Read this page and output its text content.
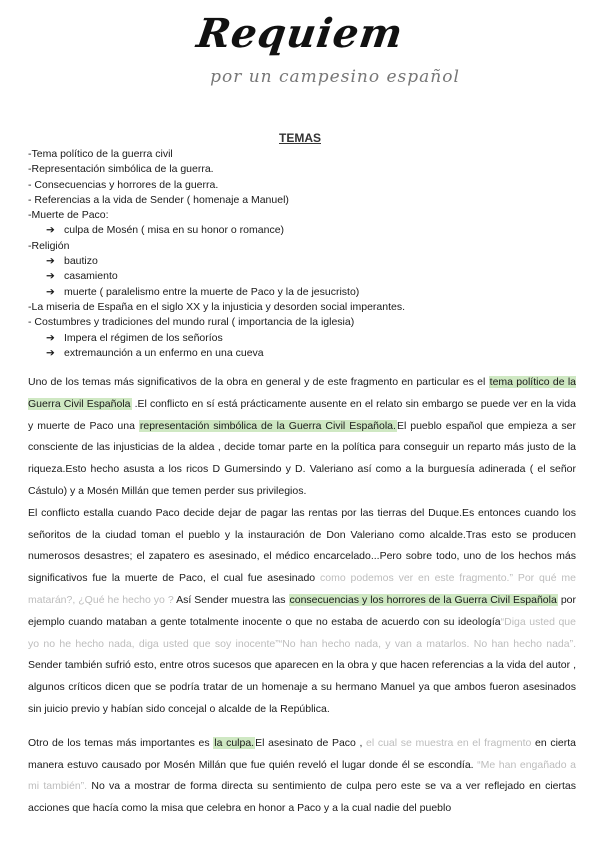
Requiem
por un campesino español
TEMAS
-Tema político de la guerra civil
-Representación simbólica de la guerra.
- Consecuencias y horrores de la guerra.
- Referencias a la vida de Sender ( homenaje a Manuel)
-Muerte de Paco:
➔ culpa de Mosén ( misa en su honor o romance)
-Religión
➔ bautizo
➔ casamiento
➔ muerte ( paralelismo entre la muerte de Paco y la de jesucristo)
-La miseria de España en el siglo XX y la injusticia y desorden social imperantes.
- Costumbres y tradiciones del mundo rural ( importancia de la iglesia)
➔ Impera el régimen de los señoríos
➔ extremaunción a un enfermo en una cueva

Uno de los temas más significativos de la obra en general y de este fragmento en particular es el tema político de la Guerra Civil Española .El conflicto en sí está prácticamente ausente en el relato sin embargo se puede ver en la vida y muerte de Paco una representación simbólica de la Guerra Civil Española.El pueblo español que empieza a ser consciente de las injusticias de la aldea , decide tomar parte en la política para conseguir un reparto más justo de la riqueza.Esto hecho asusta a los ricos D Gumersindo y D. Valeriano así como a la burguesía adinerada ( el señor Cástulo) y a Mosén Millán que temen perder sus privilegios.

El conflicto estalla cuando Paco decide dejar de pagar las rentas por las tierras del Duque.Es entonces cuando los señoritos de la ciudad toman el pueblo y la instauración de Don Valeriano como alcalde.Tras esto se producen numerosos desastres; el zapatero es asesinado, el médico encarcelado...Pero sobre todo, uno de los hechos más significativos fue la muerte de Paco, el cual fue asesinado como podemos ver en este fragmento.” Por qué me matarán?, ¿Qué he hecho yo ? Así Sender muestra las consecuencias y los horrores de la Guerra Civil Española por ejemplo cuando mataban a gente totalmente inocente o que no estaba de acuerdo con su ideología“Diga usted que yo no he hecho nada, diga usted que soy inocente”“No han hecho nada, y van a matarlos. No han hecho nada”. Sender también sufrió esto, entre otros sucesos que aparecen en la obra y que hacen referencias a la vida del autor , algunos críticos dicen que se podría tratar de un homenaje a su hermano Manuel ya que ambos fueron asesinados sin juicio previo y habían sido concejal o alcalde de la República.

Otro de los temas más importantes es la culpa.El asesinato de Paco , el cual se muestra en el fragmento en cierta manera estuvo causado por Mosén Millán que fue quién reveló el lugar donde él se escondía. “Me han engañado a mi también”. No va a mostrar de forma directa su sentimiento de culpa pero este se va a ver reflejado en ciertas acciones que hacía como la misa que celebra en honor a Paco y a la cual nadie del pueblo
